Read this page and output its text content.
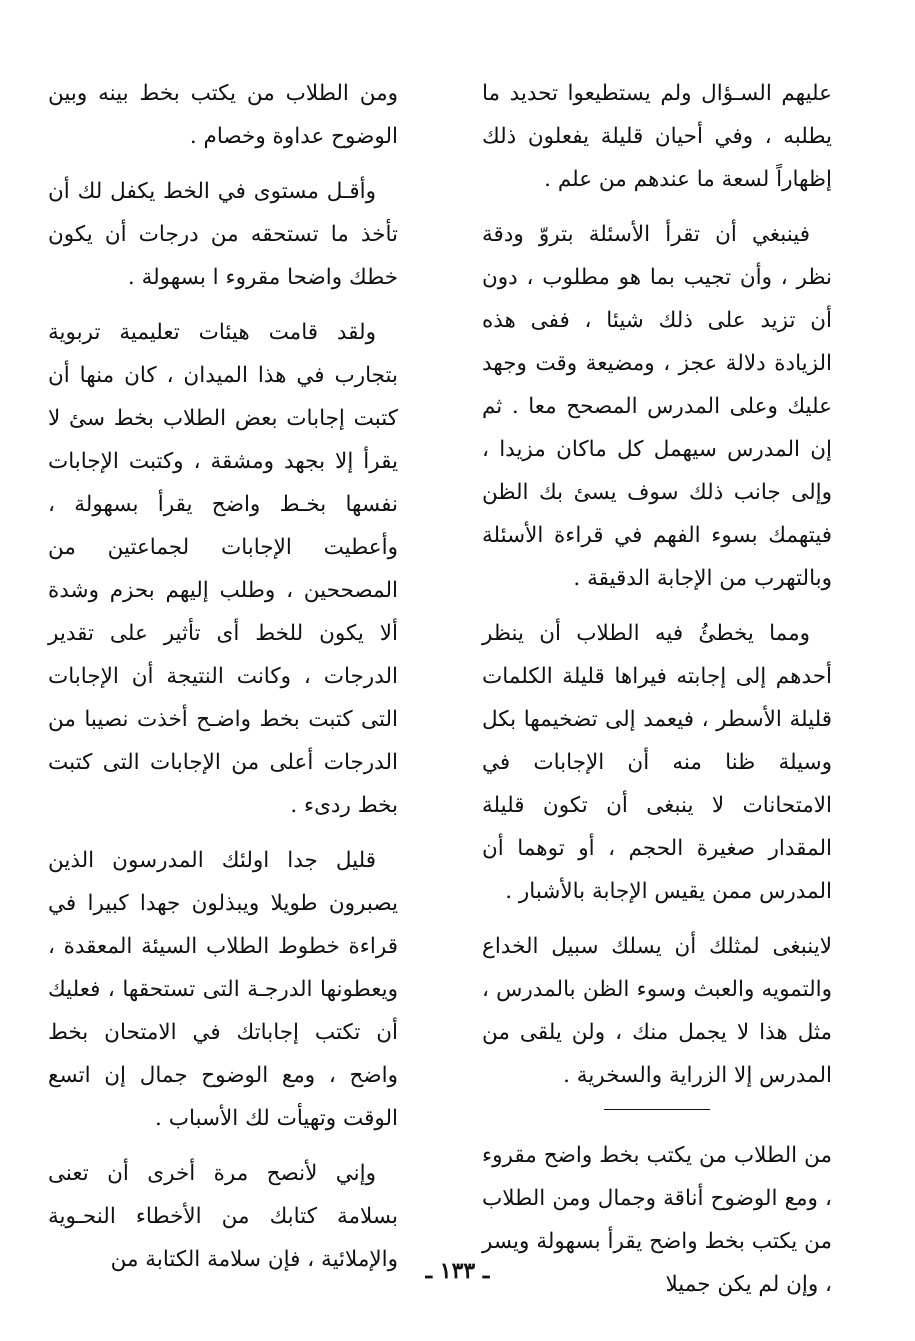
عليهم السـؤال ولم يستطيعوا تحديد ما يطلبه ، وفي أحيان قليلة يفعلون ذلك إظهاراً لسعة ما عندهم من علم .

فينبغي أن تقرأ الأسئلة بتروّ ودقة نظر ، وأن تجيب بما هو مطلوب ، دون أن تزيد على ذلك شيئا ، ففى هذه الزيادة دلالة عجز ، ومضيعة وقت وجهد عليك وعلى المدرس المصحح معا . ثم إن المدرس سيهمل كل ماكان مزيدا ، وإلى جانب ذلك سوف يسئ بك الظن فيتهمك بسوء الفهم في قراءة الأسئلة وبالتهرب من الإجابة الدقيقة .

ومما يخطئُ فيه الطلاب أن ينظر أحدهم إلى إجابته فيراها قليلة الكلمات قليلة الأسطر ، فيعمد إلى تضخيمها بكل وسيلة ظنا منه أن الإجابات في الامتحانات لا ينبغى أن تكون قليلة المقدار صغيرة الحجم ، أو توهما أن المدرس ممن يقيس الإجابة بالأشبار .

لاينبغى لمثلك أن يسلك سبيل الخداع والتمويه والعبث وسوء الظن بالمدرس ، مثل هذا لا يجمل منك ، ولن يلقى من المدرس إلا الزراية والسخرية .

من الطلاب من يكتب بخط واضح مقروء ، ومع الوضوح أناقة وجمال ومن الطلاب من يكتب بخط واضح يقرأ بسهولة ويسر ، وإن لم يكن جميلا

ومن الطلاب من يكتب بخط بينه وبين الوضوح عداوة وخصام .

وأقـل مستوى في الخط يكفل لك أن تأخذ ما تستحقه من درجات أن يكون خطك واضحا مقروء ا بسهولة .

ولقد قامت هيئات تعليمية تربوية بتجارب في هذا الميدان ، كان منها أن كتبت إجابات بعض الطلاب بخط سئ لا يقرأ إلا بجهد ومشقة ، وكتبت الإجابات نفسها بخـط واضح يقرأ بسهولة ، وأعطيت الإجابات لجماعتين من المصححين ، وطلب إليهم بحزم وشدة ألا يكون للخط أى تأثير على تقدير الدرجات ، وكانت النتيجة أن الإجابات التى كتبت بخط واضـح أخذت نصيبا من الدرجات أعلى من الإجابات التى كتبت بخط ردىء .

قليل جدا اولئك المدرسون الذين يصبرون طويلا ويبذلون جهدا كبيرا في قراءة خطوط الطلاب السيئة المعقدة ، ويعطونها الدرجـة التى تستحقها ، فعليك أن تكتب إجاباتك في الامتحان بخط واضح ، ومع الوضوح جمال إن اتسع الوقت وتهيأت لك الأسباب .

وإني لأنصح مرة أخرى أن تعنى بسلامة كتابك من الأخطاء النحـوية والإملائية ، فإن سلامة الكتابة من	ـ ١٣٣ ـ
